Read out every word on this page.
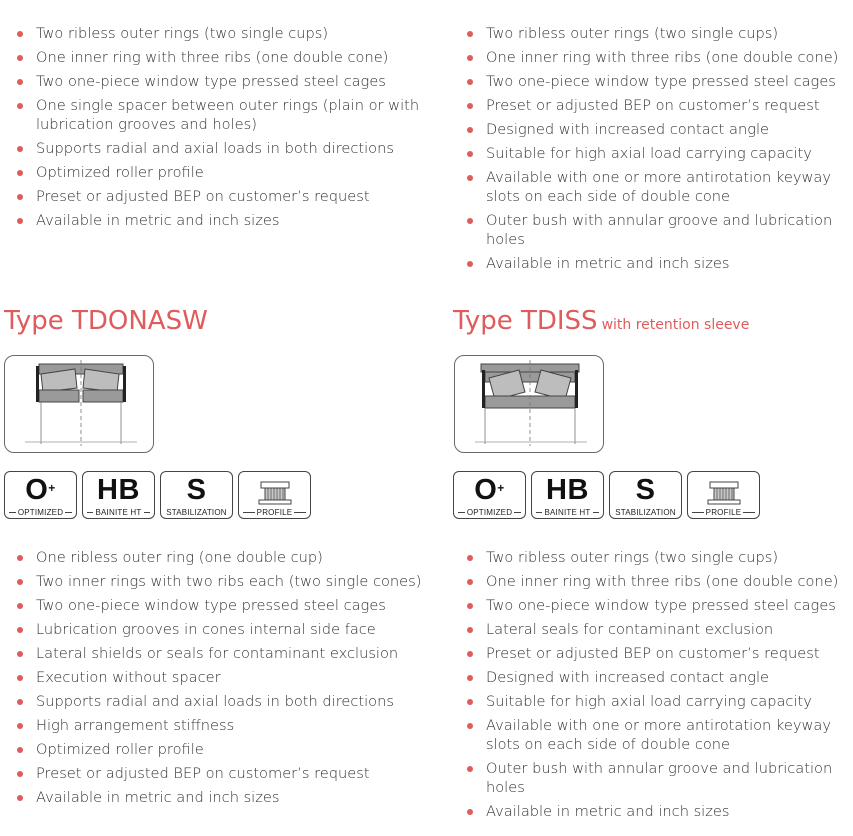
Two ribless outer rings (two single cups)
One inner ring with three ribs (one double cone)
Two one-piece window type pressed steel cages
One single spacer between outer rings (plain or with lubrication grooves and holes)
Supports radial and axial loads in both directions
Optimized roller profile
Preset or adjusted BEP on customer’s request
Available in metric and inch sizes
Two ribless outer rings (two single cups)
One inner ring with three ribs (one double cone)
Two one-piece window type pressed steel cages
Preset or adjusted BEP on customer’s request
Designed with increased contact angle
Suitable for high axial load carrying capacity
Available with one or more antirotation keyway slots on each side of double cone
Outer bush with annular groove and lubrication holes
Available in metric and inch sizes
Type TDONASW	Type TDISS with retention sleeve
O+
OPTIMIZED
HB
BAINITE HT
S
STABILIZATION	PROFILE
O+
OPTIMIZED
HB
BAINITE HT
S
STABILIZATION	PROFILE
One ribless outer ring (one double cup)
Two inner rings with two ribs each (two single cones)
Two one-piece window type pressed steel cages
Lubrication grooves in cones internal side face
Lateral shields or seals for contaminant exclusion
Execution without spacer
Supports radial and axial loads in both directions
High arrangement stiffness
Optimized roller profile
Preset or adjusted BEP on customer’s request
Available in metric and inch sizes
Two ribless outer rings (two single cups)
One inner ring with three ribs (one double cone)
Two one-piece window type pressed steel cages
Lateral seals for contaminant exclusion
Preset or adjusted BEP on customer’s request
Designed with increased contact angle
Suitable for high axial load carrying capacity
Available with one or more antirotation keyway slots on each side of double cone
Outer bush with annular groove and lubrication holes
Available in metric and inch sizes
